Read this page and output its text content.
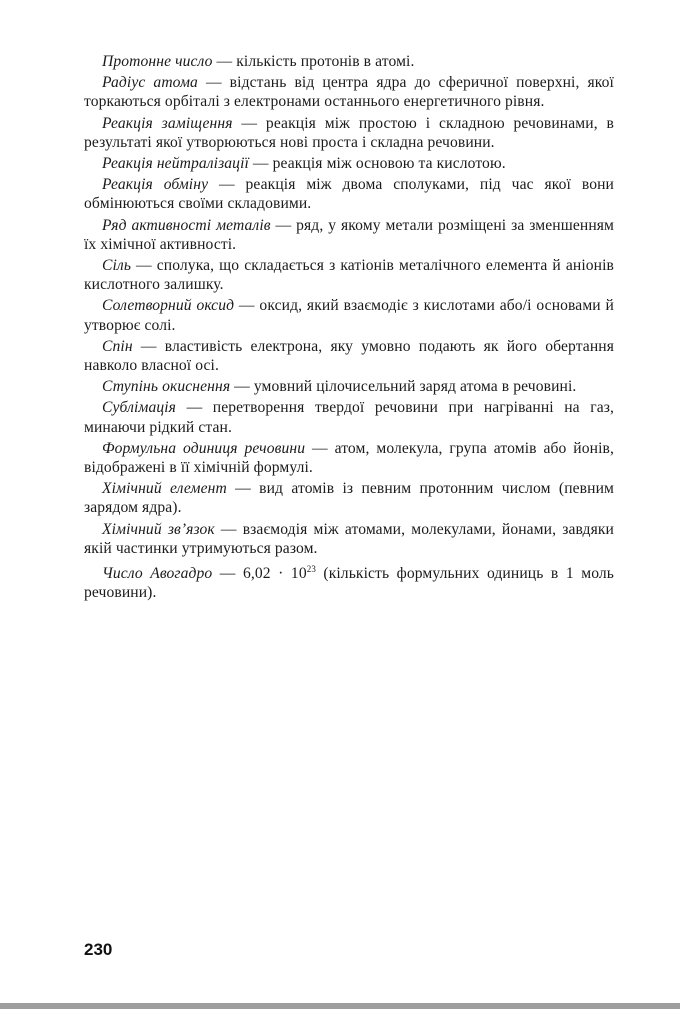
Протонне число — кількість протонів в атомі.

Радіус атома — відстань від центра ядра до сферичної поверхні, якої торкаються орбіталі з електронами останнього енергетичного рівня.

Реакція заміщення — реакція між простою і складною речовинами, в результаті якої утворюються нові проста і складна речовини.

Реакція нейтралізації — реакція між основою та кислотою.

Реакція обміну — реакція між двома сполуками, під час якої вони обмінюються своїми складовими.

Ряд активності металів — ряд, у якому метали розміщені за зменшенням їх хімічної активності.

Сіль — сполука, що складається з катіонів металічного елемента й аніонів кислотного залишку.

Солетворний оксид — оксид, який взаємодіє з кислотами або/і основами й утворює солі.

Спін — властивість електрона, яку умовно подають як його обертання навколо власної осі.

Ступінь окиснення — умовний цілочисельний заряд атома в речовині.

Сублімація — перетворення твердої речовини при нагріванні на газ, минаючи рідкий стан.

Формульна одиниця речовини — атом, молекула, група атомів або йонів, відображені в її хімічній формулі.

Хімічний елемент — вид атомів із певним протонним числом (певним зарядом ядра).

Хімічний зв’язок — взаємодія між атомами, молекулами, йонами, завдяки якій частинки утримуються разом.

Число Авогадро — $6,02 \cdot 10^{23}$ (кількість формульних одиниць в 1 моль речовини).

230
